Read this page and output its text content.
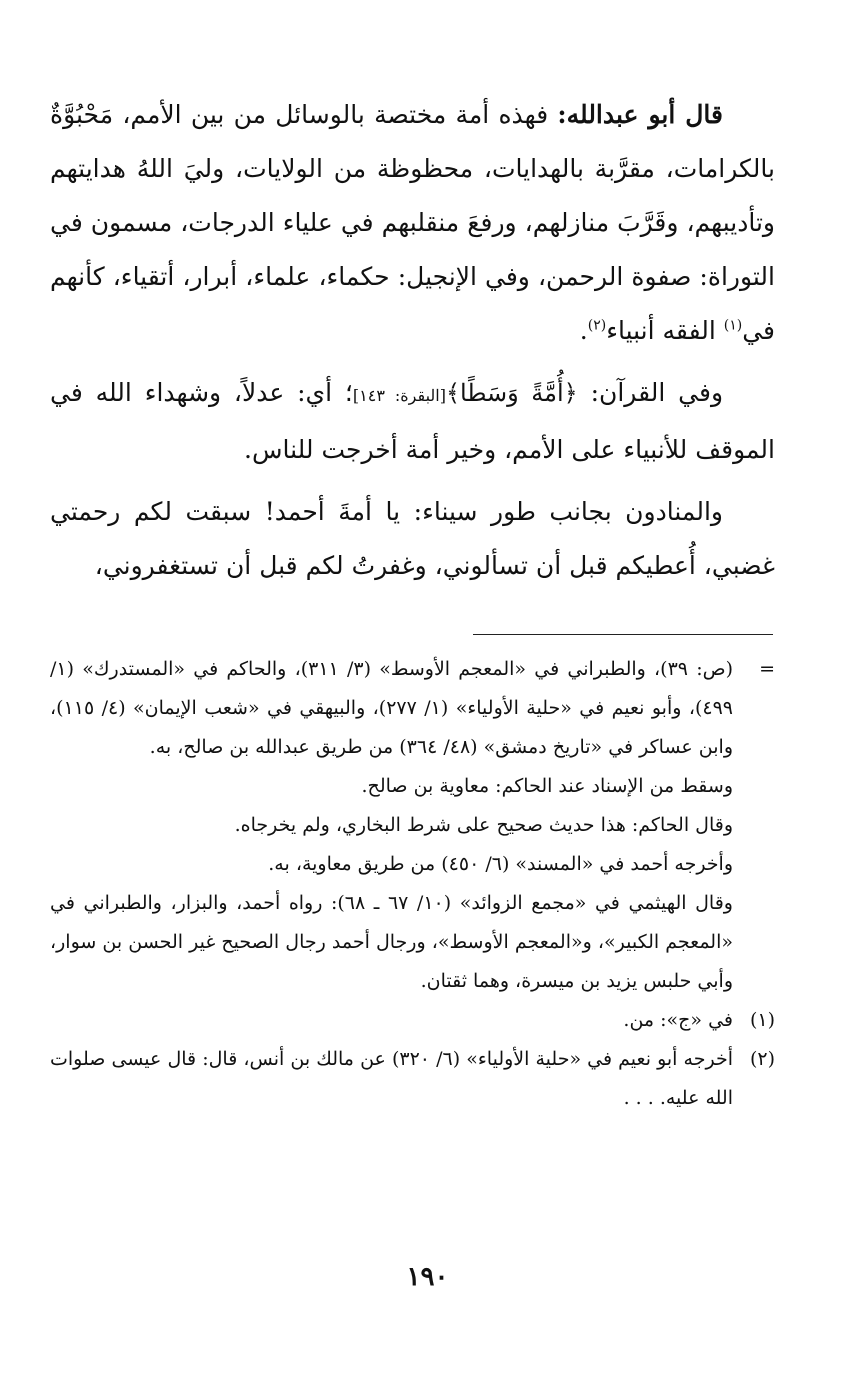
قال أبو عبدالله: فهذه أمة مختصة بالوسائل من بين الأمم، مَحْبُوَّةٌ بالكرامات، مقرَّبة بالهدايات، محظوظة من الولايات، وليَ اللهُ هدايتهم وتأديبهم، وقَرَّبَ منازلهم، ورفعَ منقلبهم في علياء الدرجات، مسمون في التوراة: صفوة الرحمن، وفي الإنجيل: حكماء، علماء، أبرار، أتقياء، كأنهم في$^{(١)}$ الفقه أنبياء$^{(٢)}$.

وفي القرآن: ﴿أُمَّةً وَسَطًا﴾[البقرة: ١٤٣]؛ أي: عدلاً، وشهداء الله في الموقف للأنبياء على الأمم، وخير أمة أخرجت للناس.

والمنادون بجانب طور سيناء: يا أمةَ أحمد! سبقت لكم رحمتي غضبي، أُعطيكم قبل أن تسألوني، وغفرتُ لكم قبل أن تستغفروني،

=
(ص: ٣٩)، والطبراني في «المعجم الأوسط» (٣/ ٣١١)، والحاكم في «المستدرك» (١/ ٤٩٩)، وأبو نعيم في «حلية الأولياء» (١/ ٢٧٧)، والبيهقي في «شعب الإيمان» (٤/ ١١٥)، وابن عساكر في «تاريخ دمشق» (٤٨/ ٣٦٤) من طريق عبدالله بن صالح، به.

وسقط من الإسناد عند الحاكم: معاوية بن صالح.

وقال الحاكم: هذا حديث صحيح على شرط البخاري، ولم يخرجاه.

وأخرجه أحمد في «المسند» (٦/ ٤٥٠) من طريق معاوية، به.

وقال الهيثمي في «مجمع الزوائد» (١٠/ ٦٧ ـ ٦٨): رواه أحمد، والبزار، والطبراني في «المعجم الكبير»، و«المعجم الأوسط»، ورجال أحمد رجال الصحيح غير الحسن بن سوار، وأبي حلبس يزيد بن ميسرة، وهما ثقتان.

(١)
في «ج»: من.

(٢)
أخرجه أبو نعيم في «حلية الأولياء» (٦/ ٣٢٠) عن مالك بن أنس، قال: قال عيسى صلوات الله عليه. . . .

١٩٠
